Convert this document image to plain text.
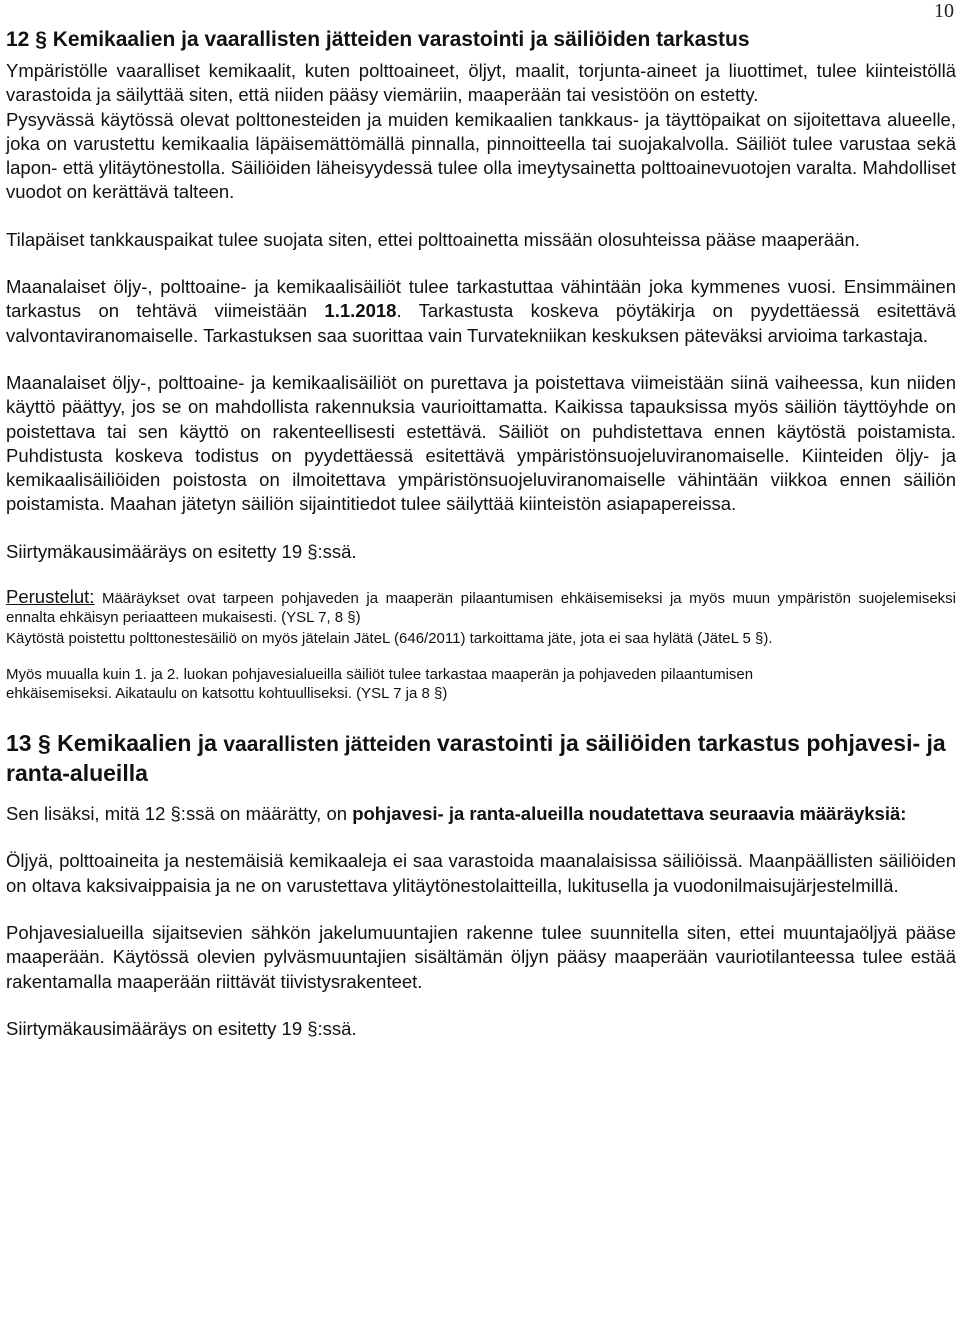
10
12 § Kemikaalien ja vaarallisten jätteiden varastointi ja säiliöiden tarkastus

Ympäristölle vaaralliset kemikaalit, kuten polttoaineet, öljyt, maalit, torjunta-aineet ja liuottimet, tulee kiinteistöllä varastoida ja säilyttää siten, että niiden pääsy viemäriin, maaperään tai vesistöön on estetty.

Pysyvässä käytössä olevat polttonesteiden ja muiden kemikaalien tankkaus- ja täyttöpaikat on sijoitettava alueelle, joka on varustettu kemikaalia läpäisemättömällä pinnalla, pinnoitteella tai suojakalvolla. Säiliöt tulee varustaa sekä lapon- että ylitäytönestolla. Säiliöiden läheisyydessä tulee olla imeytysainetta polttoainevuotojen varalta. Mahdolliset vuodot on kerättävä talteen.

Tilapäiset tankkauspaikat tulee suojata siten, ettei polttoainetta missään olosuhteissa pääse maaperään.

Maanalaiset öljy-, polttoaine- ja kemikaalisäiliöt tulee tarkastuttaa vähintään joka kymmenes vuosi. Ensimmäinen tarkastus on tehtävä viimeistään 1.1.2018. Tarkastusta koskeva pöytäkirja on pyydettäessä esitettävä valvontaviranomaiselle. Tarkastuksen saa suorittaa vain Turvatekniikan keskuksen päteväksi arvioima tarkastaja.

Maanalaiset öljy-, polttoaine- ja kemikaalisäiliöt on purettava ja poistettava viimeistään siinä vaiheessa, kun niiden käyttö päättyy, jos se on mahdollista rakennuksia vaurioittamatta. Kaikissa tapauksissa myös säiliön täyttöyhde on poistettava tai sen käyttö on rakenteellisesti estettävä. Säiliöt on puhdistettava ennen käytöstä poistamista. Puhdistusta koskeva todistus on pyydettäessä esitettävä ympäristönsuojeluviranomaiselle. Kiinteiden öljy- ja kemikaalisäiliöiden poistosta on ilmoitettava ympäristönsuojeluviranomaiselle vähintään viikkoa ennen säiliön poistamista. Maahan jätetyn säiliön sijaintitiedot tulee säilyttää kiinteistön asiapapereissa.

Siirtymäkausimääräys on esitetty 19 §:ssä.

Perustelut: Määräykset ovat tarpeen pohjaveden ja maaperän pilaantumisen ehkäisemiseksi ja myös muun ympäristön suojelemiseksi ennalta ehkäisyn periaatteen mukaisesti. (YSL 7, 8 §)

Käytöstä poistettu polttonestesäiliö on myös jätelain JäteL (646/2011) tarkoittama jäte, jota ei saa hylätä (JäteL 5 §).

Myös muualla kuin 1. ja 2. luokan pohjavesialueilla säiliöt tulee tarkastaa maaperän ja pohjaveden pilaantumisen ehkäisemiseksi. Aikataulu on katsottu kohtuulliseksi. (YSL 7 ja 8 §)

13 § Kemikaalien ja vaarallisten jätteiden varastointi ja säiliöiden tarkastus pohjavesi- ja ranta-alueilla

Sen lisäksi, mitä 12 §:ssä on määrätty, on pohjavesi- ja ranta-alueilla noudatettava seuraavia määräyksiä:

Öljyä, polttoaineita ja nestemäisiä kemikaaleja ei saa varastoida maanalaisissa säiliöissä. Maanpäällisten säiliöiden on oltava kaksivaippaisia ja ne on varustettava ylitäytönestolaitteilla, lukitusella ja vuodonilmaisujärjestelmillä.

Pohjavesialueilla sijaitsevien sähkön jakelumuuntajien rakenne tulee suunnitella siten, ettei muuntajaöljyä pääse maaperään. Käytössä olevien pylväsmuuntajien sisältämän öljyn pääsy maaperään vauriotilanteessa tulee estää rakentamalla maaperään riittävät tiivistysrakenteet.

Siirtymäkausimääräys on esitetty 19 §:ssä.
